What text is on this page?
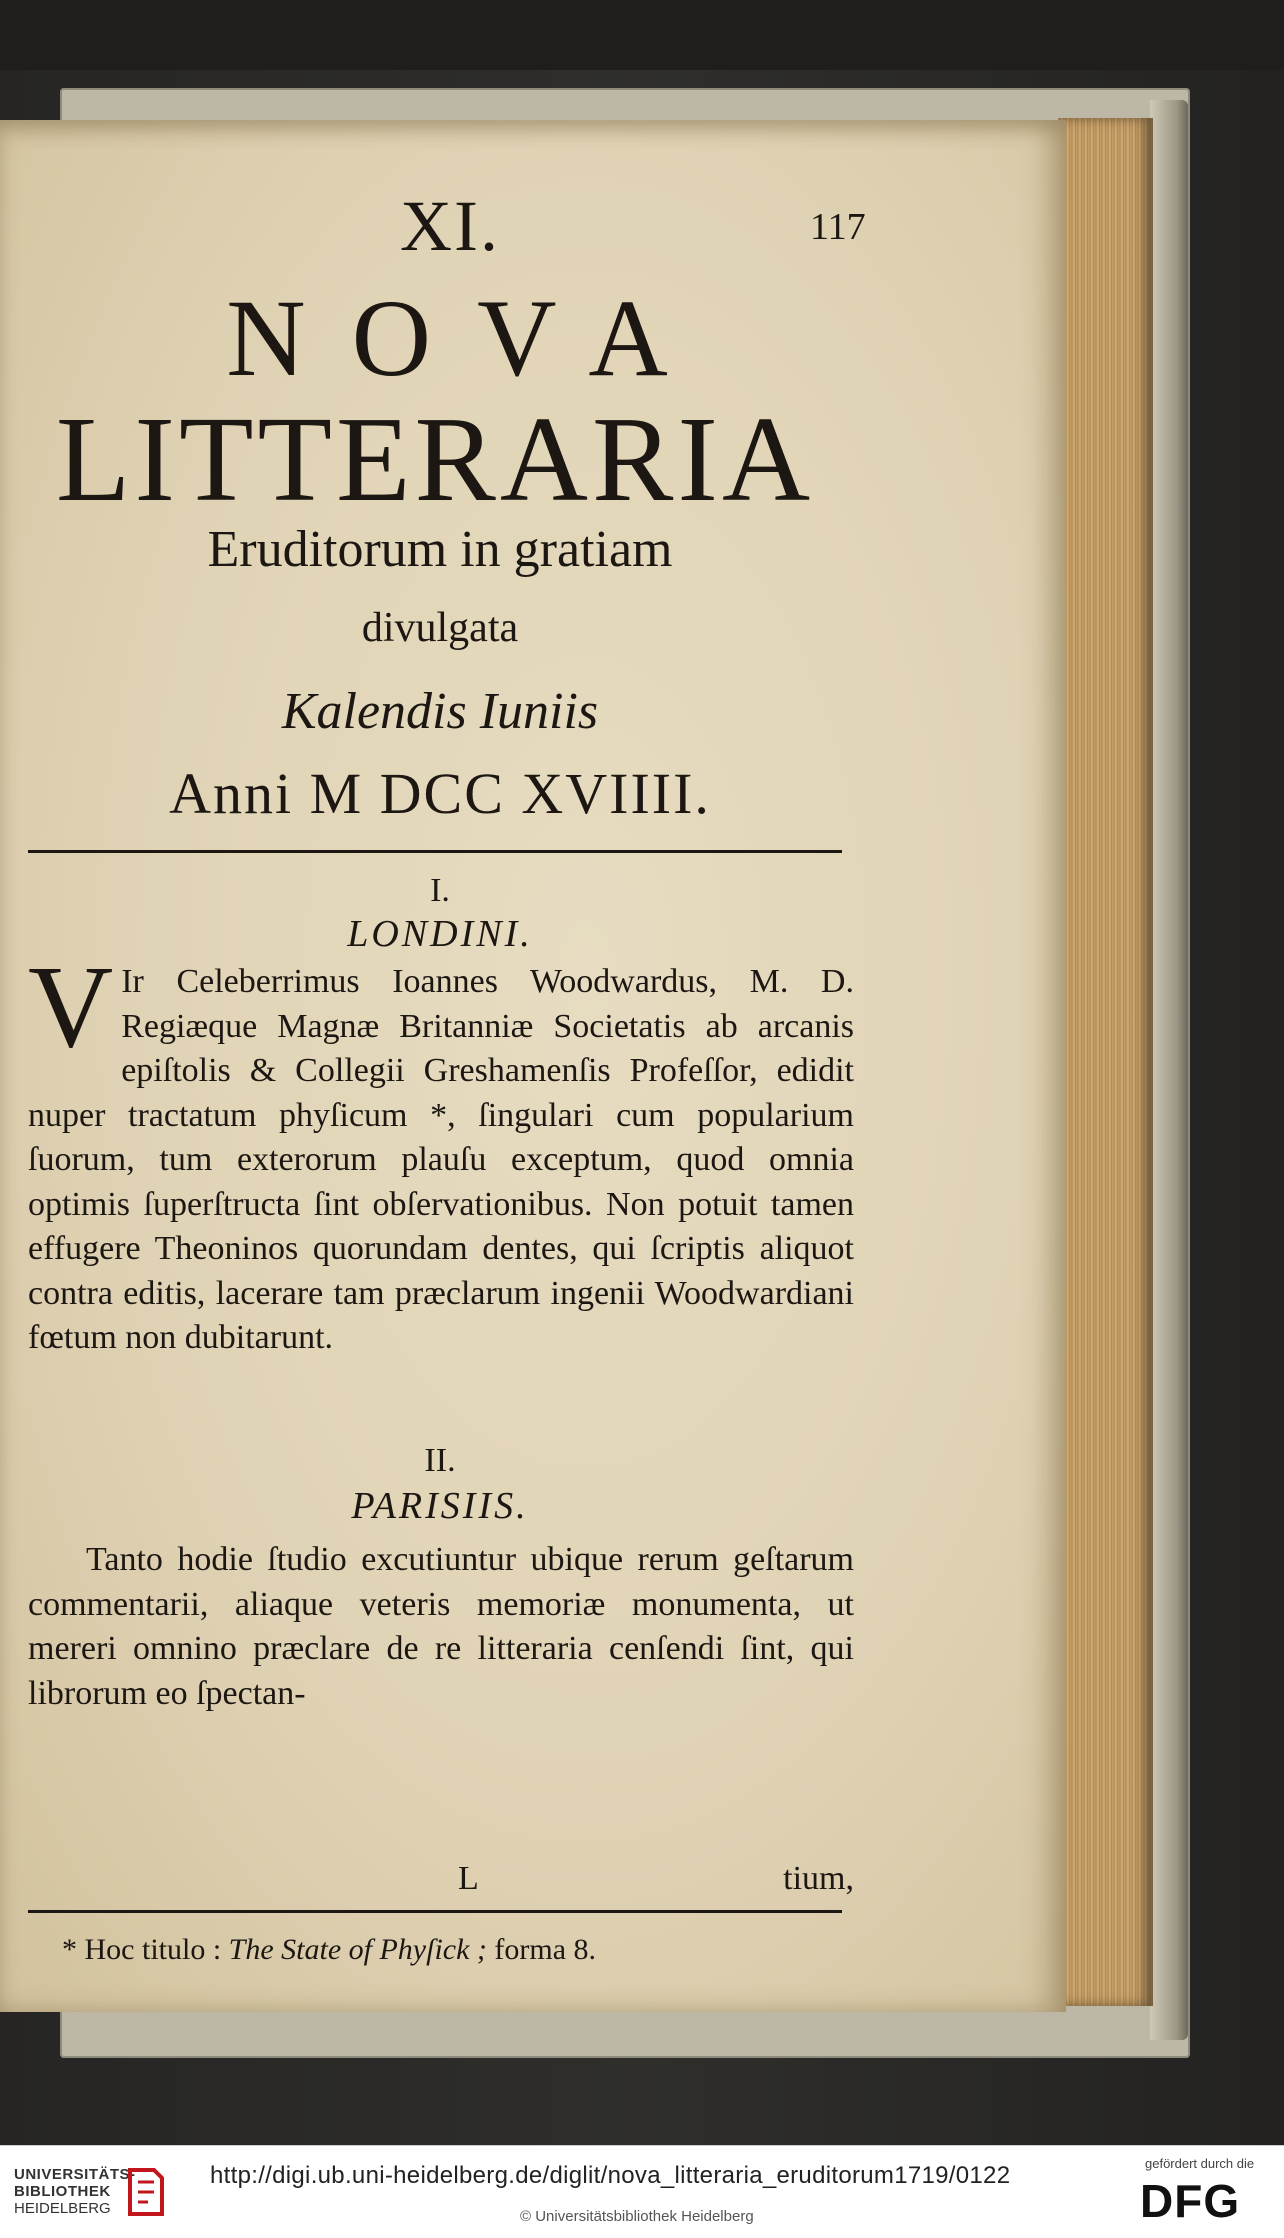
XI.	117
NOVA
LITTERARIA
Eruditorum in gratiam
divulgata
Kalendis Iuniis
Anni M DCC XVIIII.
I.
LONDINI.
V Ir Celeberrimus Ioannes Woodwardus, M. D. Regiæque Magnæ Britanniæ Societatis ab arcanis epiſtolis & Collegii Greshamenſis Profeſſor, edidit nuper tractatum phyſicum *, ſingulari cum popularium ſuorum, tum exterorum plauſu exceptum, quod omnia optimis ſuperſtructa ſint obſervationibus. Non potuit tamen effugere Theoninos quorundam dentes, qui ſcriptis aliquot contra editis, lacerare tam præclarum ingenii Woodwardiani fœtum non dubitarunt.
II.
PARISIIS.
Tanto hodie ſtudio excutiuntur ubique rerum geſtarum commentarii, aliaque veteris memoriæ monumenta, ut mereri omnino præclare de re litteraria cenſendi ſint, qui librorum eo ſpectan-
L	tium,
* Hoc titulo : The State of Phyſick ; forma 8.
UNIVERSITÄTS-
BIBLIOTHEK
HEIDELBERG
http://digi.ub.uni-heidelberg.de/diglit/nova_litteraria_eruditorum1719/0122
© Universitätsbibliothek Heidelberg
gefördert durch die
DFG
